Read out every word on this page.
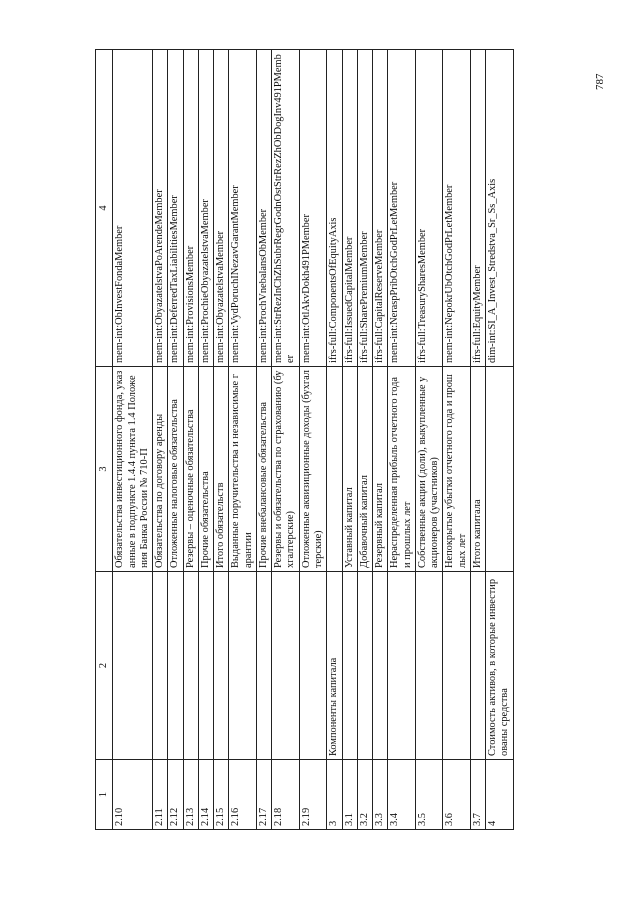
787
1	2	3	4
2.10		Обязательства инвестиционного фонда, указанные в подпункте 1.4.4 пункта 1.4 Положения Банка России № 710-П	mem-int:ObInvestFondaMember
2.11		Обязательства по договору аренды	mem-int:ObyazatelstvaPoArendeMember
2.12		Отложенные налоговые обязательства	mem-int:DeferredTaxLiabilitiesMember
2.13		Резервы – оценочные обязательства	mem-int:ProvisionsMember
2.14		Прочие обязательства	mem-int:ProchieObyazatelstvaMember
2.15		Итого обязательств	mem-int:ObyazatelstvaMember
2.16		Выданные поручительства и независимые гарантии	mem-int:VydPoruchINezavGarantMember
2.17		Прочие внебалансовые обязательства	mem-int:ProchVnebalansObMember
2.18		Резервы и обязательства по страхованию (бухгалтерские)	mem-int:StrRezInChZhSubrRegrGodnOstStrRezZhObDogInv491PMember
2.19		Отложенные аквизиционные доходы (бухгалтерские)	mem-int:OtlAkvDokh491PMember
3	Компоненты капитала		ifrs-full:ComponentsOfEquityAxis
3.1		Уставный капитал	ifrs-full:IssuedCapitalMember
3.2		Добавочный капитал	ifrs-full:SharePremiumMember
3.3		Резервный капитал	ifrs-full:CapitalReserveMember
3.4		Нераспределенная прибыль отчетного года и прошлых лет	mem-int:NeraspPribOtchGodPrLetMember
3.5		Собственные акции (доли), выкупленные у акционеров (участников)	ifrs-full:TreasurySharesMember
3.6		Непокрытые убытки отчетного года и прошлых лет	mem-int:NepokrUbOtchGodPrLetMember
3.7		Итого капитала	ifrs-full:EquityMember
4	Стоимость активов, в которые инвестированы средства		dim-int:SI_A_Invest_Stredstva_Sr_Ss_Axis
